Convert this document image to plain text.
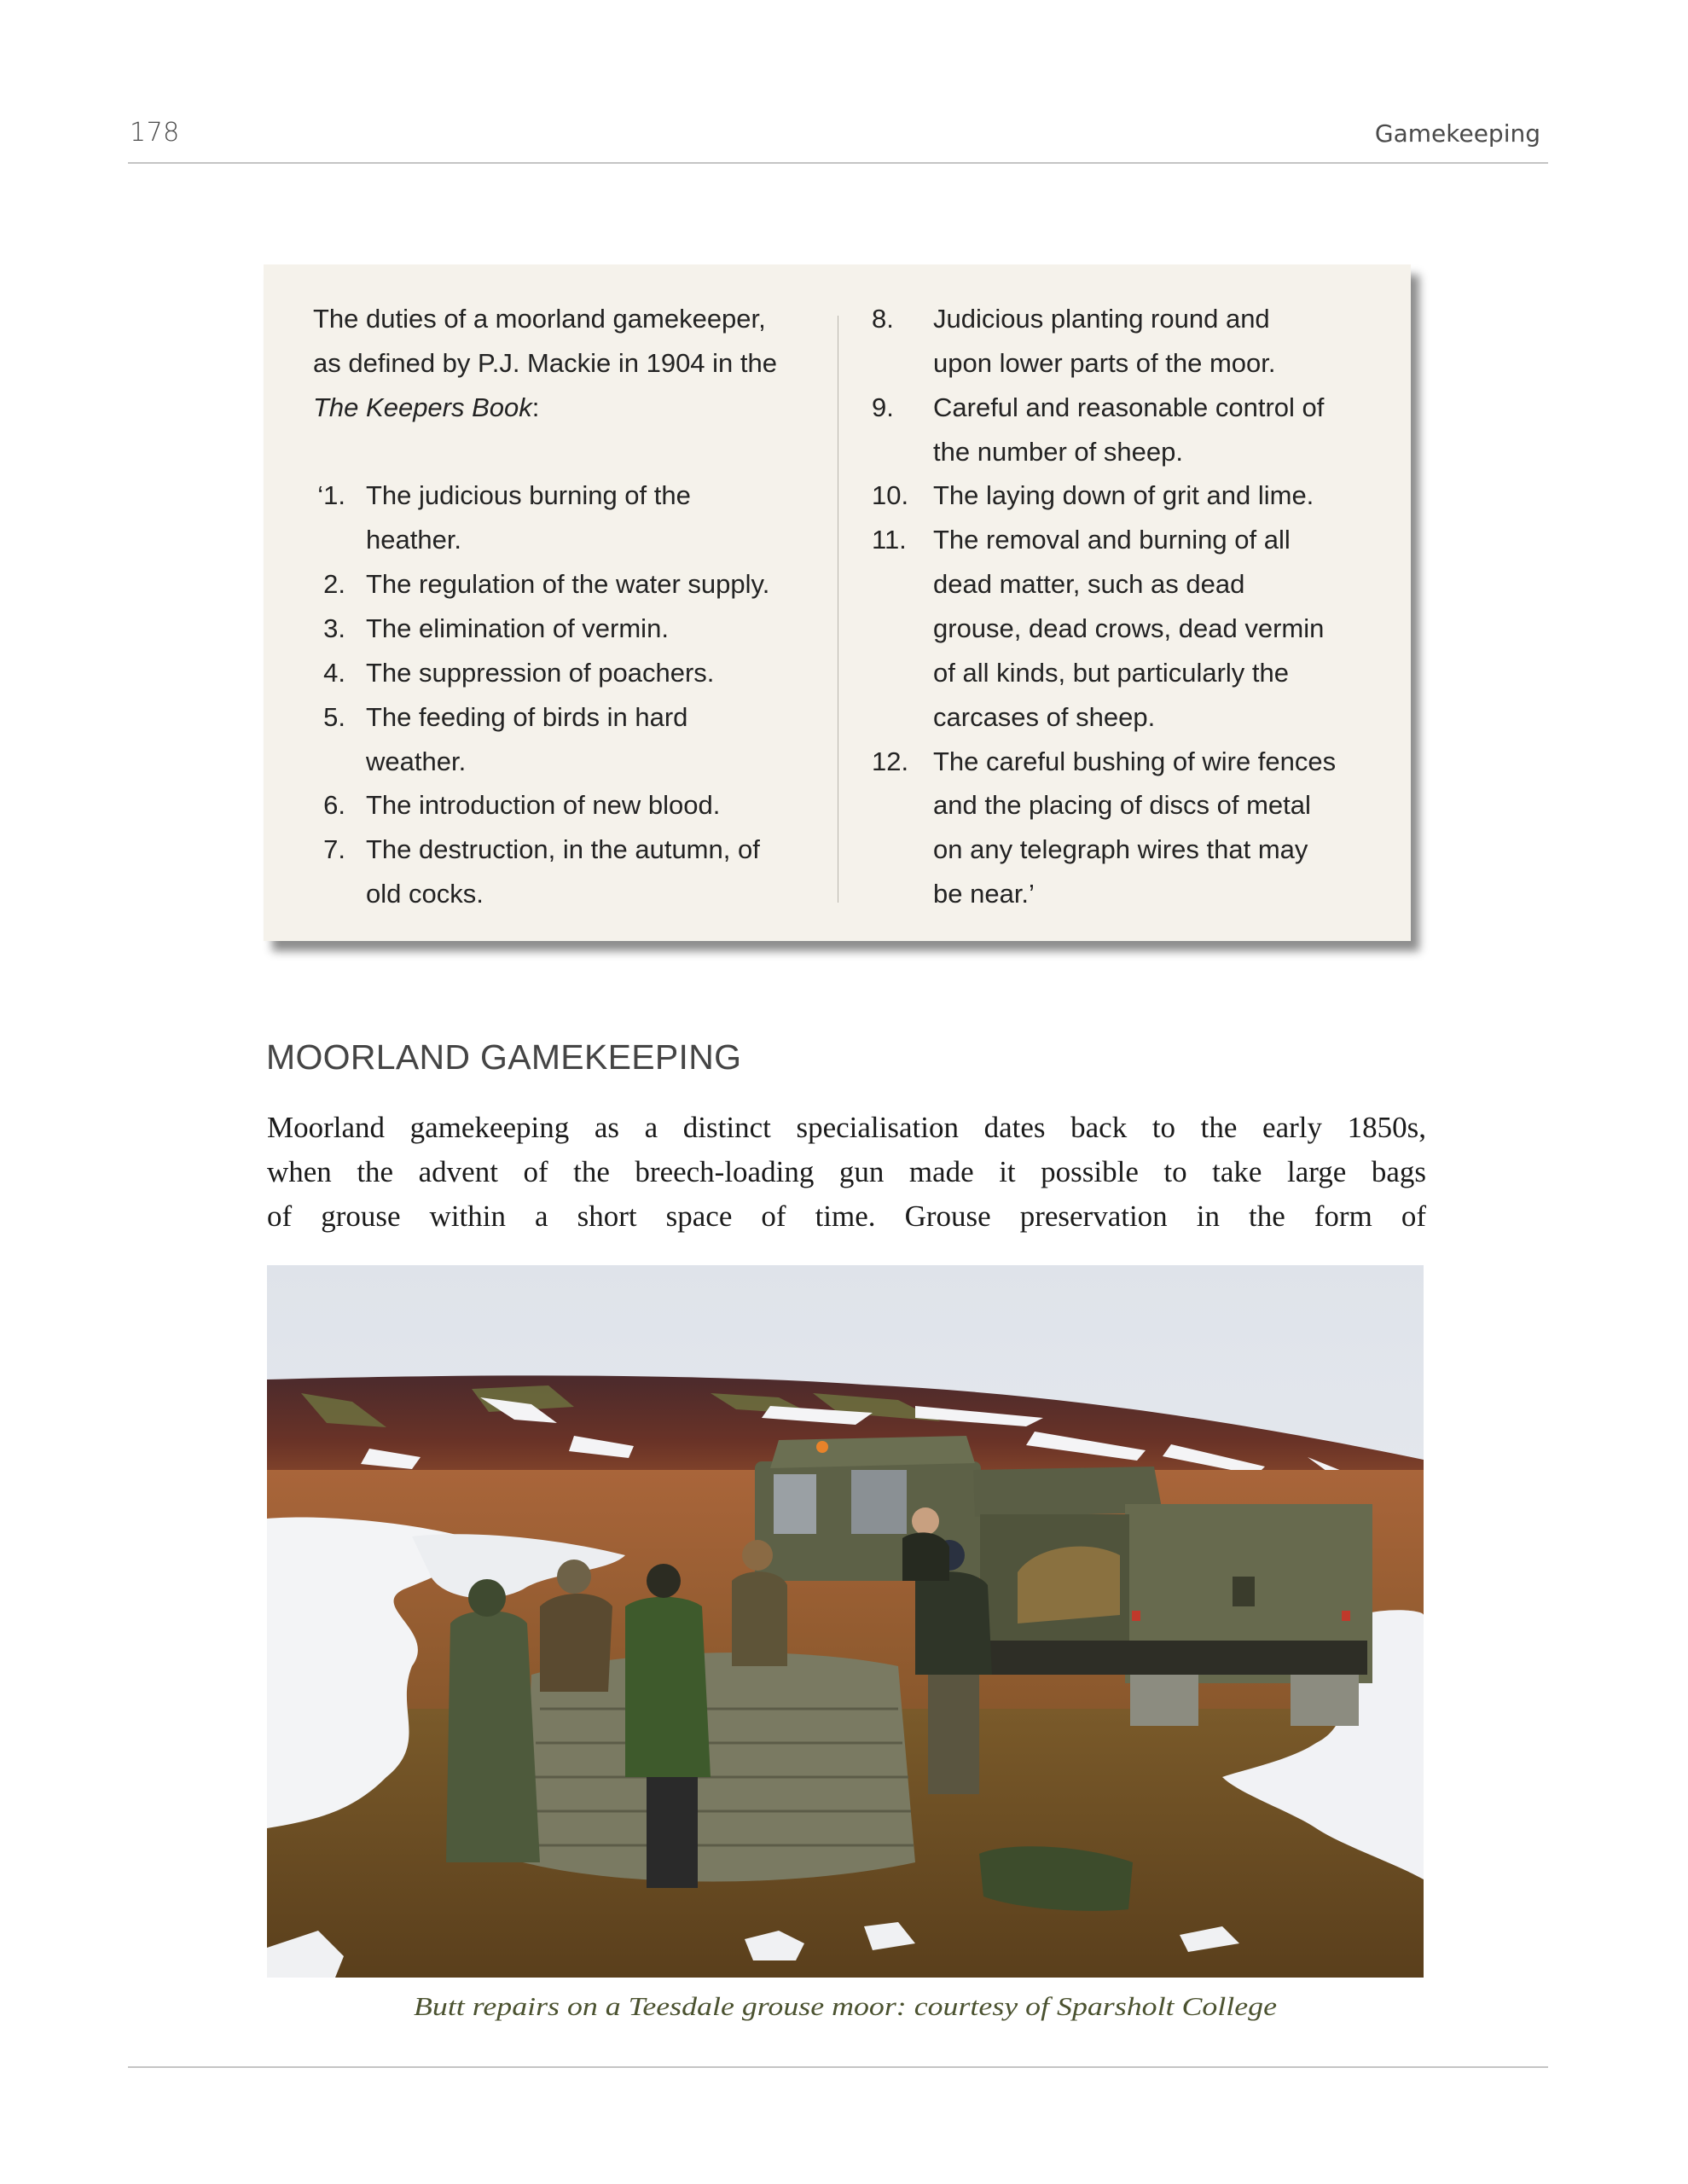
178	Gamekeeping
The duties of a moorland gamekeeper,
as defined by P.J. Mackie in 1904 in the
The Keepers Book:
‘1. The judicious burning of the
heather.
2. The regulation of the water supply.
3. The elimination of vermin.
4. The suppression of poachers.
5. The feeding of birds in hard
weather.
6. The introduction of new blood.
7. The destruction, in the autumn, of
old cocks.
8. Judicious planting round and
upon lower parts of the moor.
9. Careful and reasonable control of
the number of sheep.
10. The laying down of grit and lime.
11. The removal and burning of all
dead matter, such as dead
grouse, dead crows, dead vermin
of all kinds, but particularly the
carcases of sheep.
12. The careful bushing of wire fences
and the placing of discs of metal
on any telegraph wires that may
be near.’
MOORLAND GAMEKEEPING
Moorland gamekeeping as a distinct specialisation dates back to the early 1850s,
when the advent of the breech-loading gun made it possible to take large bags
of grouse within a short space of time. Grouse preservation in the form of
Butt repairs on a Teesdale grouse moor: courtesy of Sparsholt College
